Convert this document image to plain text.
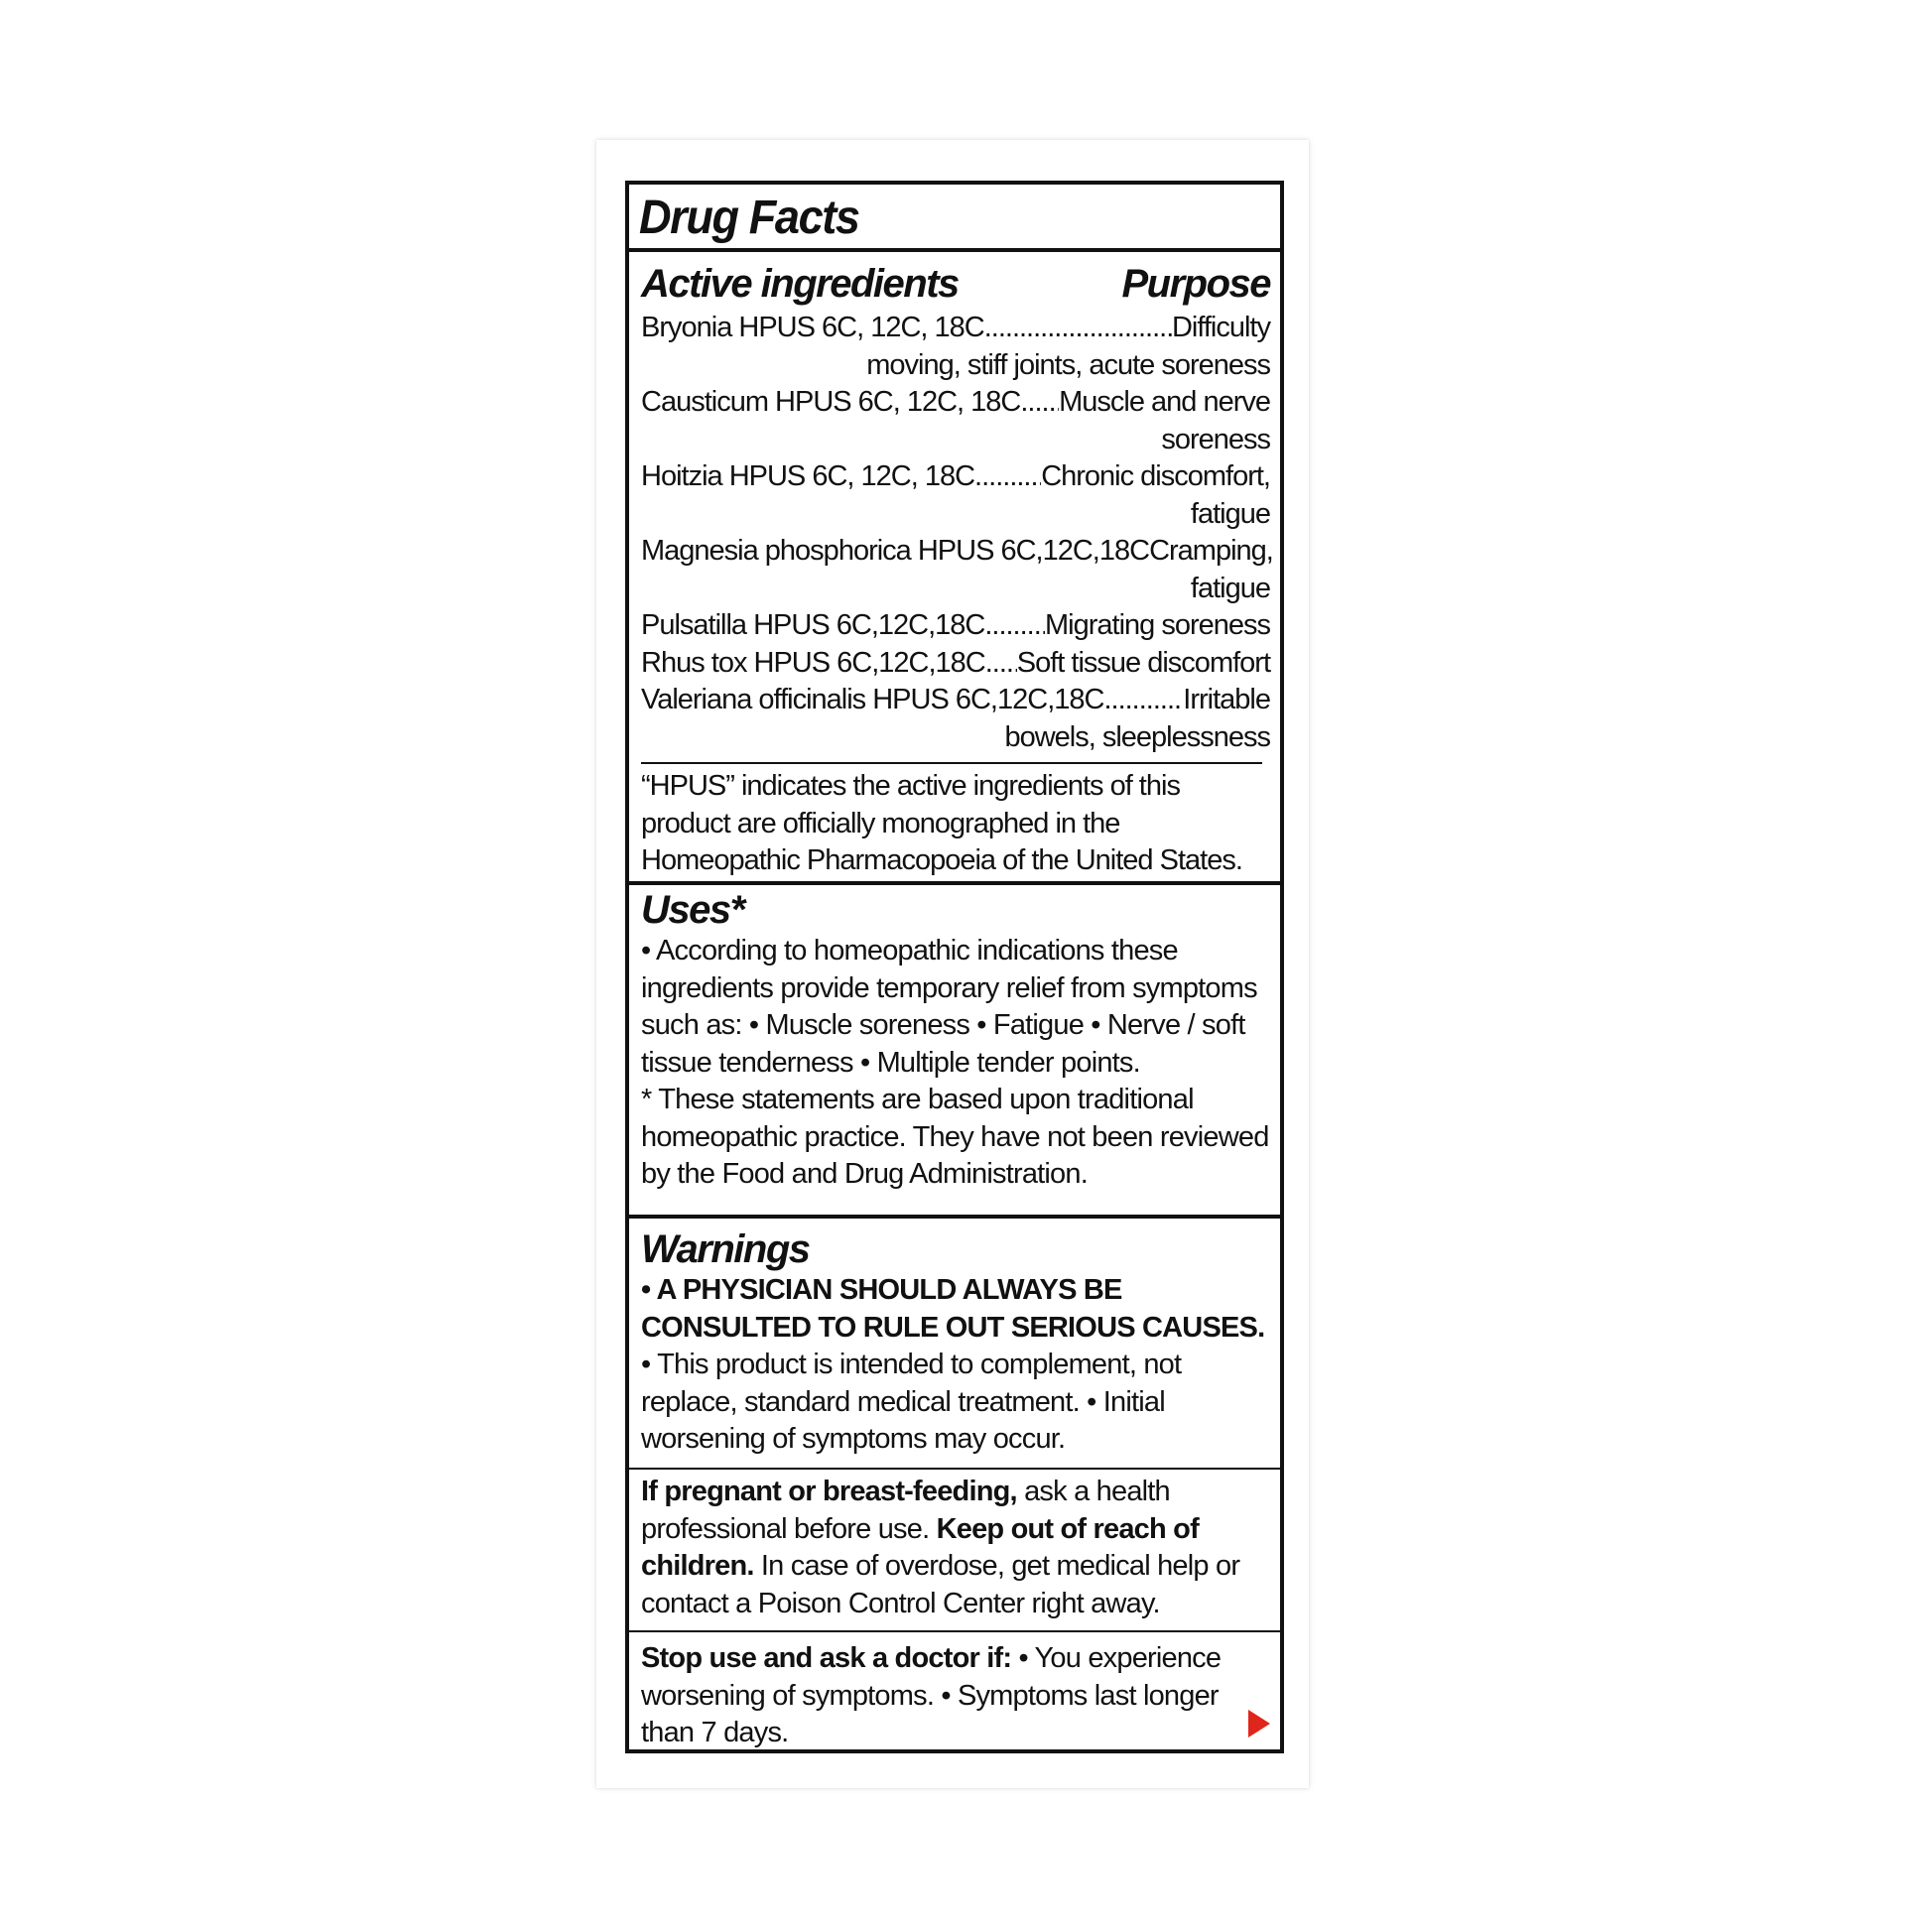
Drug Facts
Active ingredients	Purpose
Bryonia HPUS 6C, 12C, 18C .....	Difficulty
moving, stiff joints, acute soreness
Causticum HPUS 6C, 12C, 18C ..... Muscle and nerve
soreness
Hoitzia HPUS 6C, 12C, 18C ..... Chronic discomfort,
fatigue
Magnesia phosphorica HPUS 6C,12C,18C Cramping,
fatigue
Pulsatilla HPUS 6C,12C,18C ..... Migrating soreness
Rhus tox HPUS 6C,12C,18C ..... Soft tissue discomfort
Valeriana officinalis HPUS 6C,12C,18C .....	Irritable
bowels, sleeplessness
“HPUS” indicates the active ingredients of this product are officially monographed in the Homeopathic Pharmacopoeia of the United States.
Uses*
• According to homeopathic indications these ingredients provide temporary relief from symptoms such as: • Muscle soreness • Fatigue • Nerve / soft tissue tenderness • Multiple tender points.
* These statements are based upon traditional homeopathic practice. They have not been reviewed by the Food and Drug Administration.
Warnings
• A PHYSICIAN SHOULD ALWAYS BE CONSULTED TO RULE OUT SERIOUS CAUSES. • This product is intended to complement, not replace, standard medical treatment. • Initial worsening of symptoms may occur.
If pregnant or breast-feeding, ask a health professional before use. Keep out of reach of children. In case of overdose, get medical help or contact a Poison Control Center right away.
Stop use and ask a doctor if: • You experience worsening of symptoms. • Symptoms last longer than 7 days.
